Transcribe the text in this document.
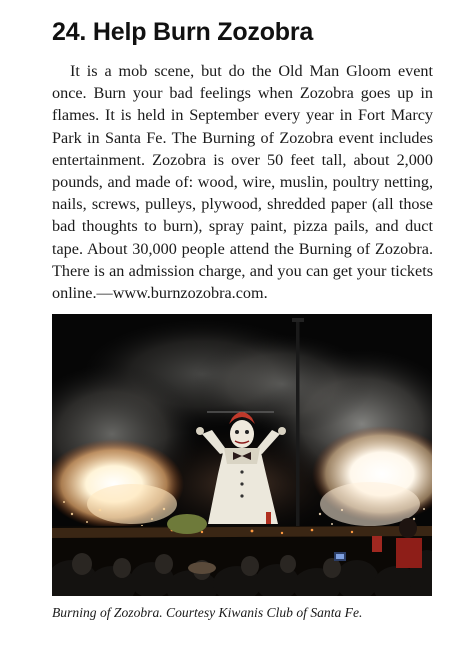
24. Help Burn Zozobra

It is a mob scene, but do the Old Man Gloom event once. Burn your bad feelings when Zozobra goes up in flames. It is held in September every year in Fort Marcy Park in Santa Fe. The Burning of Zozobra event includes entertainment. Zozobra is over 50 feet tall, about 2,000 pounds, and made of: wood, wire, muslin, poultry netting, nails, screws, pulleys, plywood, shredded paper (all those bad thoughts to burn), spray paint, pizza pails, and duct tape. About 30,000 people attend the Burning of Zozobra. There is an admission charge, and you can get your tickets online.—www.burnzozobra.com.

Burning of Zozobra. Courtesy Kiwanis Club of Santa Fe.
